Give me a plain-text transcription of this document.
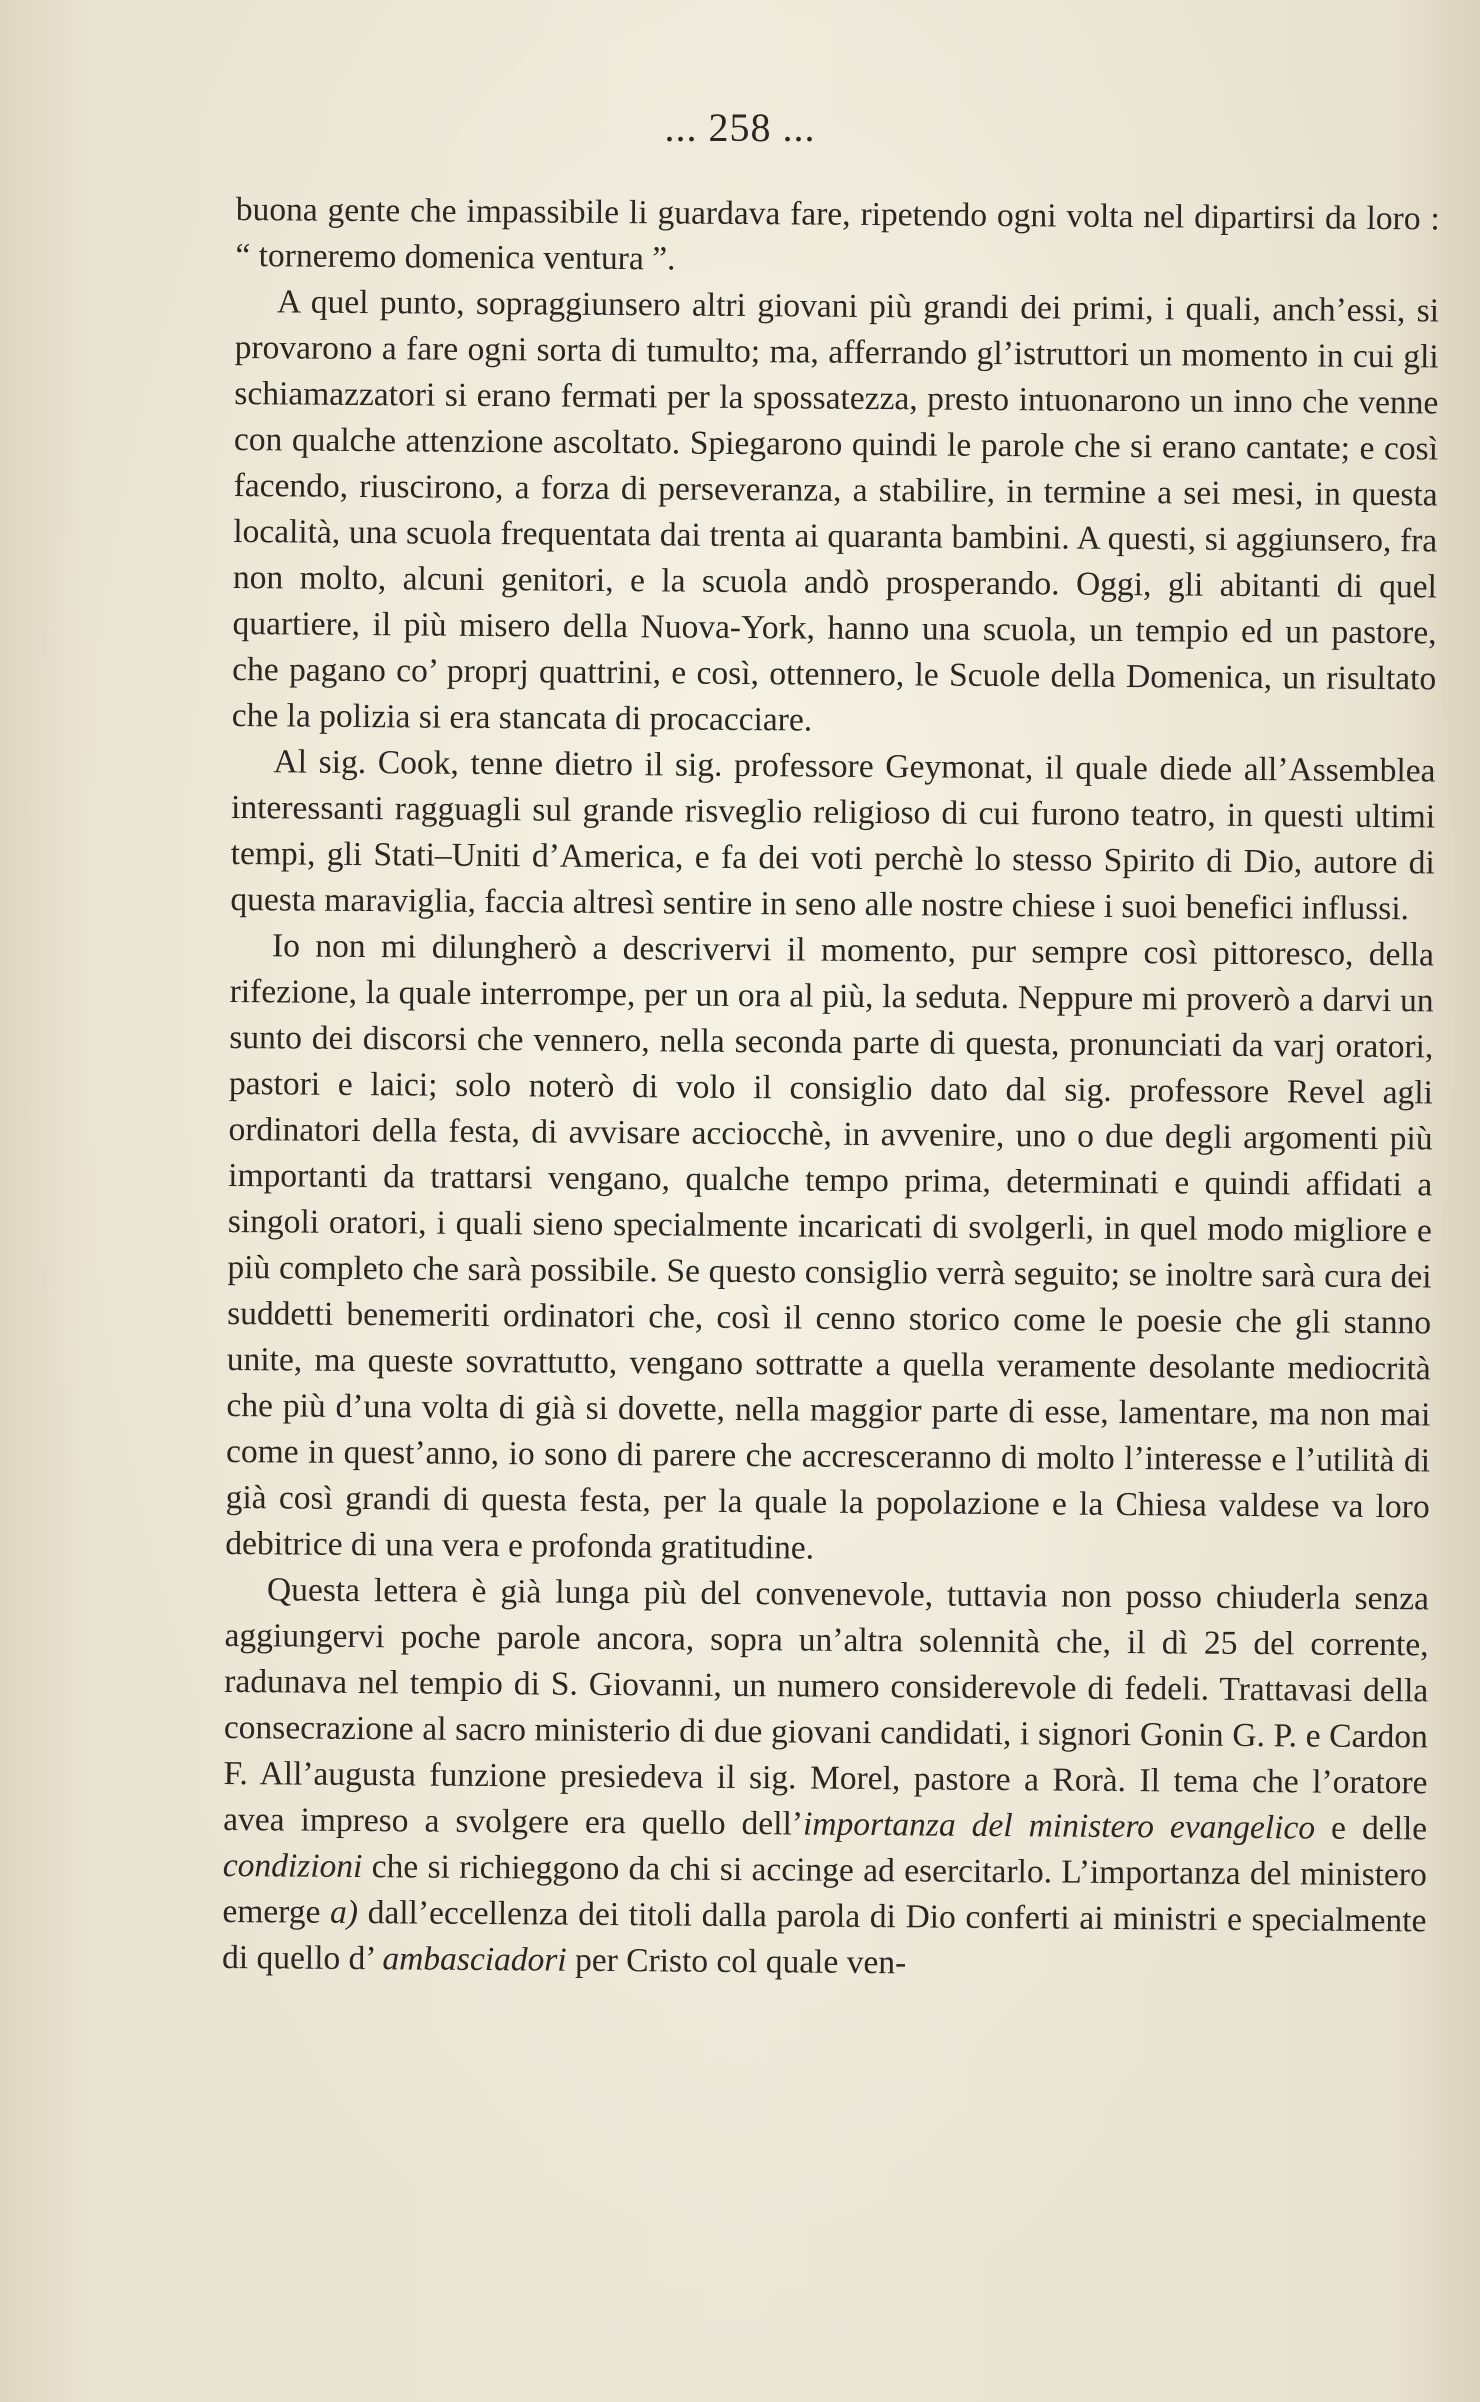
... 258 ...

buona gente che impassibile li guardava fare, ripetendo ogni volta nel dipartirsi da loro : “ torneremo domenica ventura ”.

A quel punto, sopraggiunsero altri giovani più grandi dei primi, i quali, anch’essi, si provarono a fare ogni sorta di tumulto; ma, afferrando gl’istruttori un momento in cui gli schiamazzatori si erano fermati per la spossatezza, presto intuonarono un inno che venne con qualche attenzione ascoltato. Spiegarono quindi le parole che si erano cantate; e così facendo, riuscirono, a forza di perseveranza, a stabilire, in termine a sei mesi, in questa località, una scuola frequentata dai trenta ai quaranta bambini. A questi, si aggiunsero, fra non molto, alcuni genitori, e la scuola andò prosperando. Oggi, gli abitanti di quel quartiere, il più misero della Nuova-York, hanno una scuola, un tempio ed un pastore, che pagano co’ proprj quattrini, e così, ottennero, le Scuole della Domenica, un risultato che la polizia si era stancata di procacciare.

Al sig. Cook, tenne dietro il sig. professore Geymonat, il quale diede all’Assemblea interessanti ragguagli sul grande risveglio religioso di cui furono teatro, in questi ultimi tempi, gli Stati–Uniti d’America, e fa dei voti perchè lo stesso Spirito di Dio, autore di questa maraviglia, faccia altresì sentire in seno alle nostre chiese i suoi benefici influssi.

Io non mi dilungherò a descrivervi il momento, pur sempre così pittoresco, della rifezione, la quale interrompe, per un ora al più, la seduta. Neppure mi proverò a darvi un sunto dei discorsi che vennero, nella seconda parte di questa, pronunciati da varj oratori, pastori e laici; solo noterò di volo il consiglio dato dal sig. professore Revel agli ordinatori della festa, di avvisare acciocchè, in avvenire, uno o due degli argomenti più importanti da trattarsi vengano, qualche tempo prima, determinati e quindi affidati a singoli oratori, i quali sieno specialmente incaricati di svolgerli, in quel modo migliore e più completo che sarà possibile. Se questo consiglio verrà seguito; se inoltre sarà cura dei suddetti benemeriti ordinatori che, così il cenno storico come le poesie che gli stanno unite, ma queste sovrattutto, vengano sottratte a quella veramente desolante mediocrità che più d’una volta di già si dovette, nella maggior parte di esse, lamentare, ma non mai come in quest’anno, io sono di parere che accresceranno di molto l’interesse e l’utilità di già così grandi di questa festa, per la quale la popolazione e la Chiesa valdese va loro debitrice di una vera e profonda gratitudine.

Questa lettera è già lunga più del convenevole, tuttavia non posso chiuderla senza aggiungervi poche parole ancora, sopra un’altra solennità che, il dì 25 del corrente, radunava nel tempio di S. Giovanni, un numero considerevole di fedeli. Trattavasi della consecrazione al sacro ministerio di due giovani candidati, i signori Gonin G. P. e Cardon F. All’augusta funzione presiedeva il sig. Morel, pastore a Rorà. Il tema che l’oratore avea impreso a svolgere era quello dell’importanza del ministero evangelico e delle condizioni che si richieggono da chi si accinge ad esercitarlo. L’importanza del ministero emerge a) dall’eccellenza dei titoli dalla parola di Dio conferti ai ministri e specialmente di quello d’ ambasciadori per Cristo col quale ven-
